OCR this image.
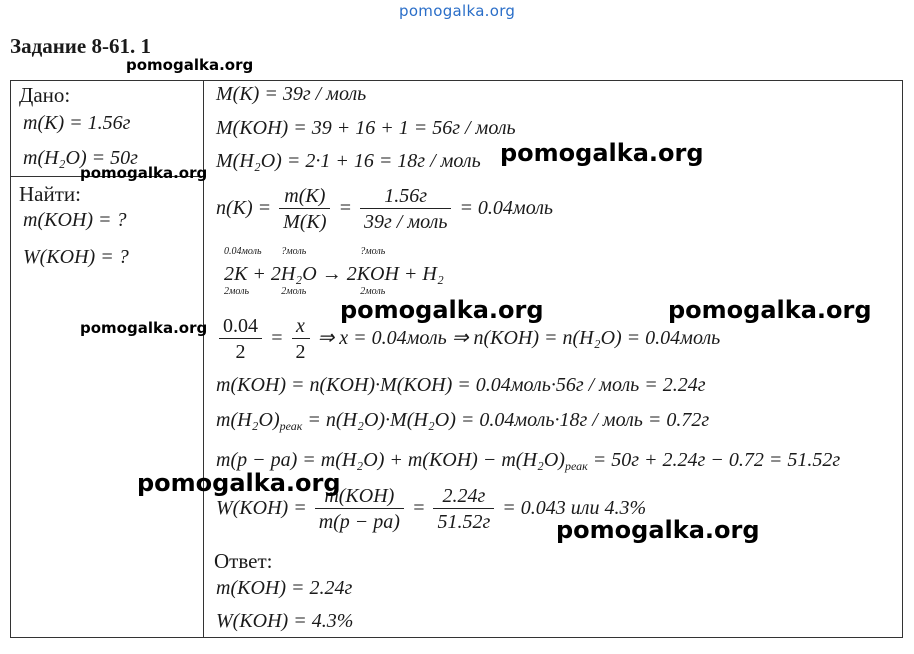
pomogalka.org
Задание 8-61. 1
Дано:
m(K) = 1.56г
m(H₂O) = 50г
Найти:
m(KOH) = ?
W(KOH) = ?
M(K) = 39г / моль
M(KOH) = 39 + 16 + 1 = 56г / моль
M(H₂O) = 2·1 + 16 = 18г / моль
$n(K) = \frac{m(K)}{M(K)} = \frac{1.56г}{\text{39г / моль}}$ = 0.04моль
0.04моль
2K
2моль
+
?моль
2H₂O
2моль
→
?моль
2KOH
2моль
+ H₂
$\frac{0.04}{2} = \frac{x}{2}$ ⇒ x = 0.04моль ⇒ n(KOH) = n(H₂O) = 0.04моль
m(KOH) = n(KOH)·M(KOH) = 0.04моль·56г / моль = 2.24г
$m(H_2O)_{реак} = n(H_2O)\cdot M(H_2O)$ = 0.04моль·18г / моль = 0.72г
$m(р - ра) = m(H_2O) + m(KOH) - m(H_2O)_{реак} = 50г + 2.24г - 0.72 = 51.52г$
$W(KOH) = \frac{\text{m(KOH)}}{m(р - ра)} = \frac{2.24г}{51.52г} = 0.043$ или 4.3%
Ответ:
m(KOH) = 2.24г
W(KOH) = 4.3%
pomogalka.org
pomogalka.org
pomogalka.org
pomogalka.org	pomogalka.org
pomogalka.org
pomogalka.org
pomogalka.org
